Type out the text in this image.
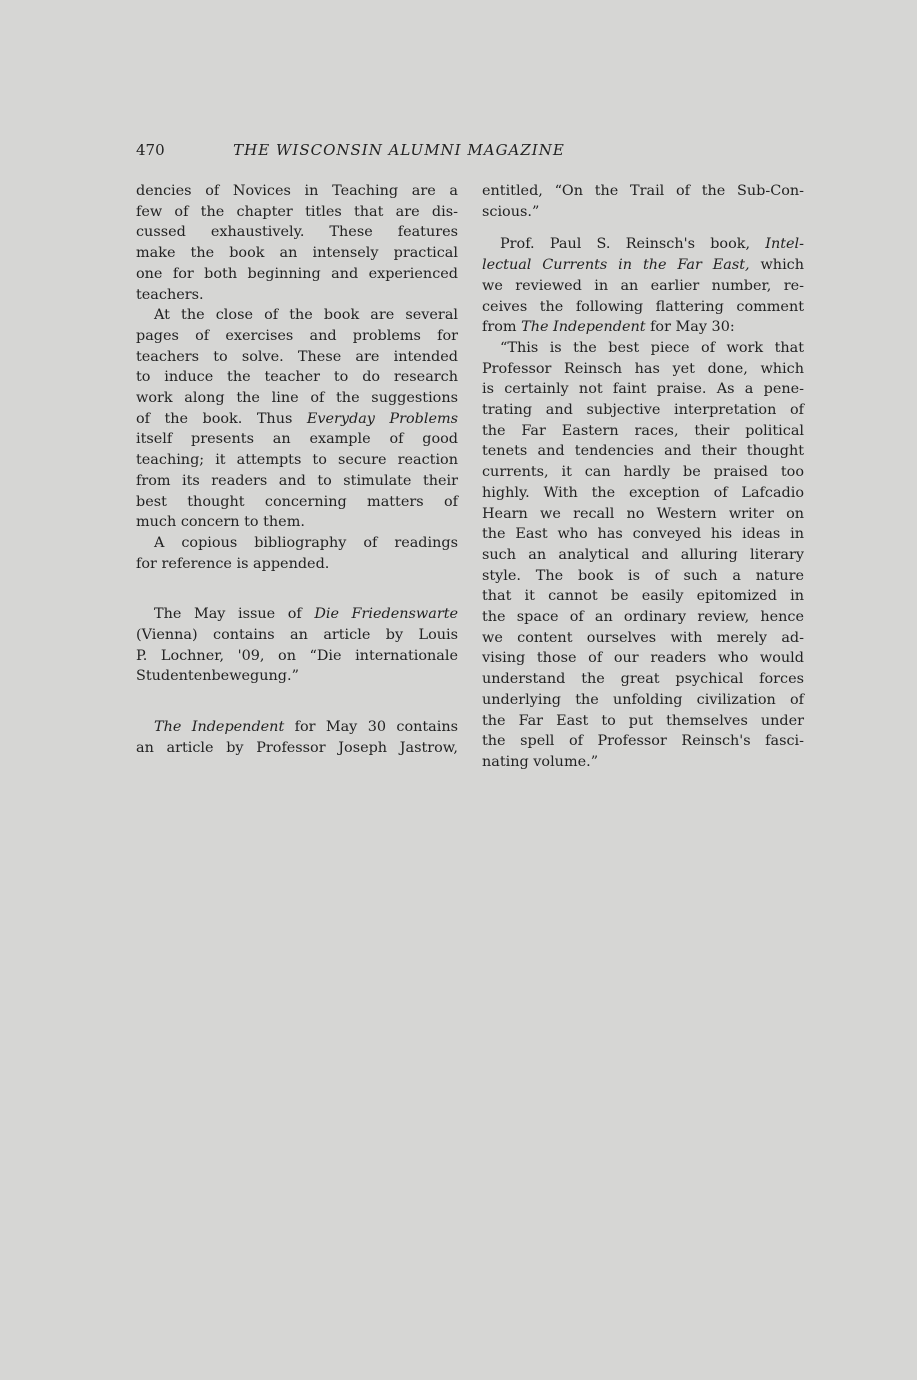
470	THE WISCONSIN ALUMNI MAGAZINE
dencies of Novices in Teaching are a
few of the chapter titles that are dis-
cussed exhaustively. These features
make the book an intensely practical
one for both beginning and experienced
teachers.
At the close of the book are several
pages of exercises and problems for
teachers to solve. These are intended
to induce the teacher to do research
work along the line of the suggestions
of the book. Thus Everyday Problems
itself presents an example of good
teaching; it attempts to secure reaction
from its readers and to stimulate their
best thought concerning matters of
much concern to them.
A copious bibliography of readings
for reference is appended.
The May issue of Die Friedenswarte
(Vienna) contains an article by Louis
P. Lochner, '09, on “Die internationale
Studentenbewegung.”
The Independent for May 30 contains
an article by Professor Joseph Jastrow,
entitled, “On the Trail of the Sub-Con-
scious.”
Prof. Paul S. Reinsch's book, Intel-
lectual Currents in the Far East, which
we reviewed in an earlier number, re-
ceives the following flattering comment
from The Independent for May 30:
“This is the best piece of work that
Professor Reinsch has yet done, which
is certainly not faint praise. As a pene-
trating and subjective interpretation of
the Far Eastern races, their political
tenets and tendencies and their thought
currents, it can hardly be praised too
highly. With the exception of Lafcadio
Hearn we recall no Western writer on
the East who has conveyed his ideas in
such an analytical and alluring literary
style. The book is of such a nature
that it cannot be easily epitomized in
the space of an ordinary review, hence
we content ourselves with merely ad-
vising those of our readers who would
understand the great psychical forces
underlying the unfolding civilization of
the Far East to put themselves under
the spell of Professor Reinsch's fasci-
nating volume.”
